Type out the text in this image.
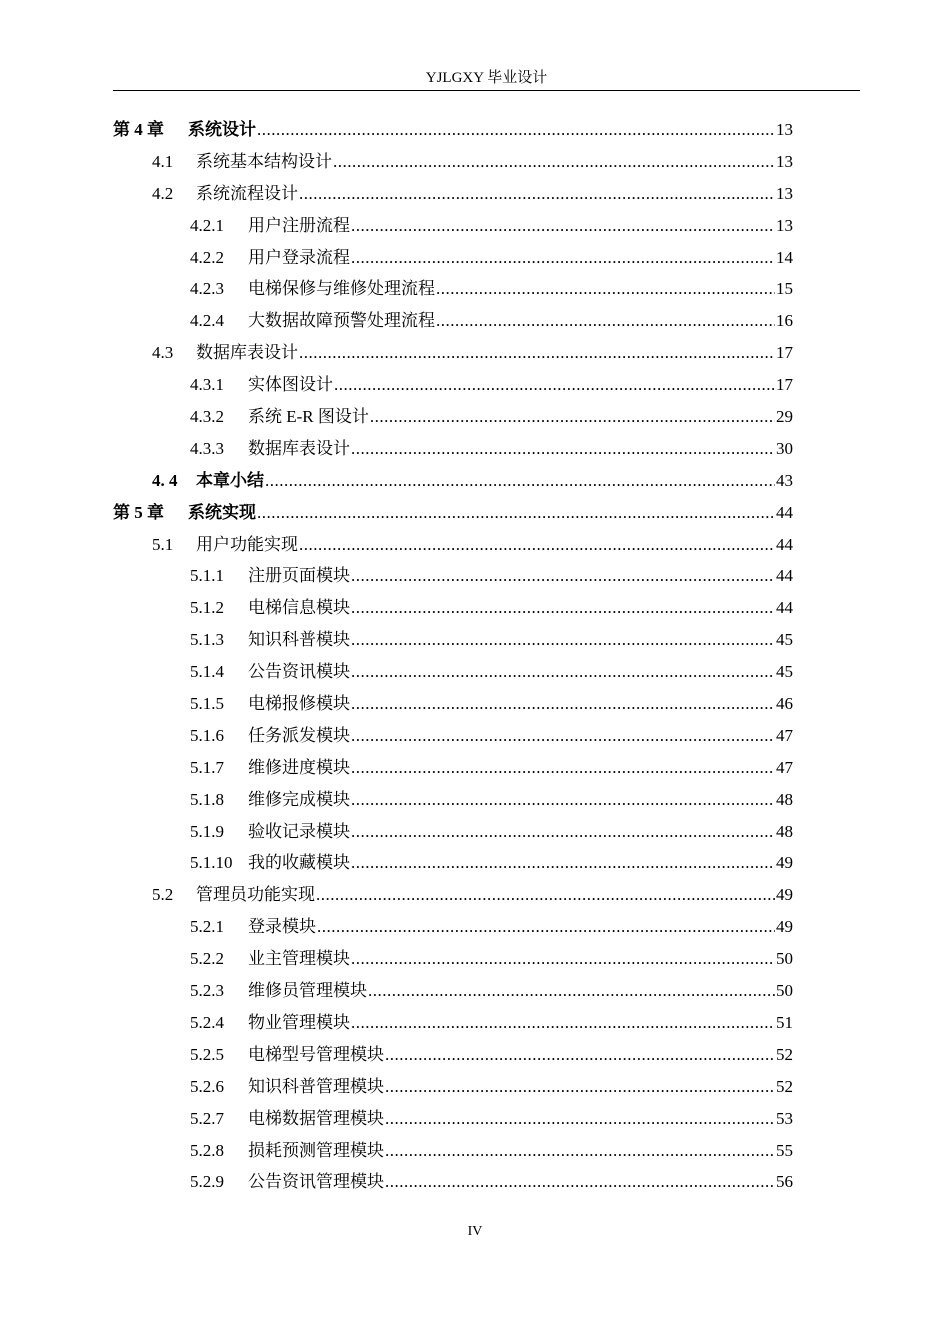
YJLGXY 毕业设计
第 4 章	系统设计 .....	13
4.1	系统基本结构设计 .....	13
4.2	系统流程设计 .....	13
4.2.1	用户注册流程 .....	13
4.2.2	用户登录流程 .....	14
4.2.3	电梯保修与维修处理流程 .....	15
4.2.4	大数据故障预警处理流程 .....	16
4.3	数据库表设计 .....	17
4.3.1	实体图设计 .....	17
4.3.2	系统 E-R 图设计 .....	29
4.3.3	数据库表设计 .....	30
4. 4	本章小结 .....	43
第 5 章	系统实现 .....	44
5.1	用户功能实现 .....	44
5.1.1	注册页面模块 .....	44
5.1.2	电梯信息模块 .....	44
5.1.3	知识科普模块 .....	45
5.1.4	公告资讯模块 .....	45
5.1.5	电梯报修模块 .....	46
5.1.6	任务派发模块 .....	47
5.1.7	维修进度模块 .....	47
5.1.8	维修完成模块 .....	48
5.1.9	验收记录模块 .....	48
5.1.10 我的收藏模块 .....	49
5.2	管理员功能实现 .....	49
5.2.1	登录模块 .....	49
5.2.2	业主管理模块 .....	50
5.2.3	维修员管理模块 .....	50
5.2.4	物业管理模块 .....	51
5.2.5	电梯型号管理模块 .....	52
5.2.6	知识科普管理模块 .....	52
5.2.7	电梯数据管理模块 .....	53
5.2.8	损耗预测管理模块 .....	55
5.2.9	公告资讯管理模块 .....	56
IV
